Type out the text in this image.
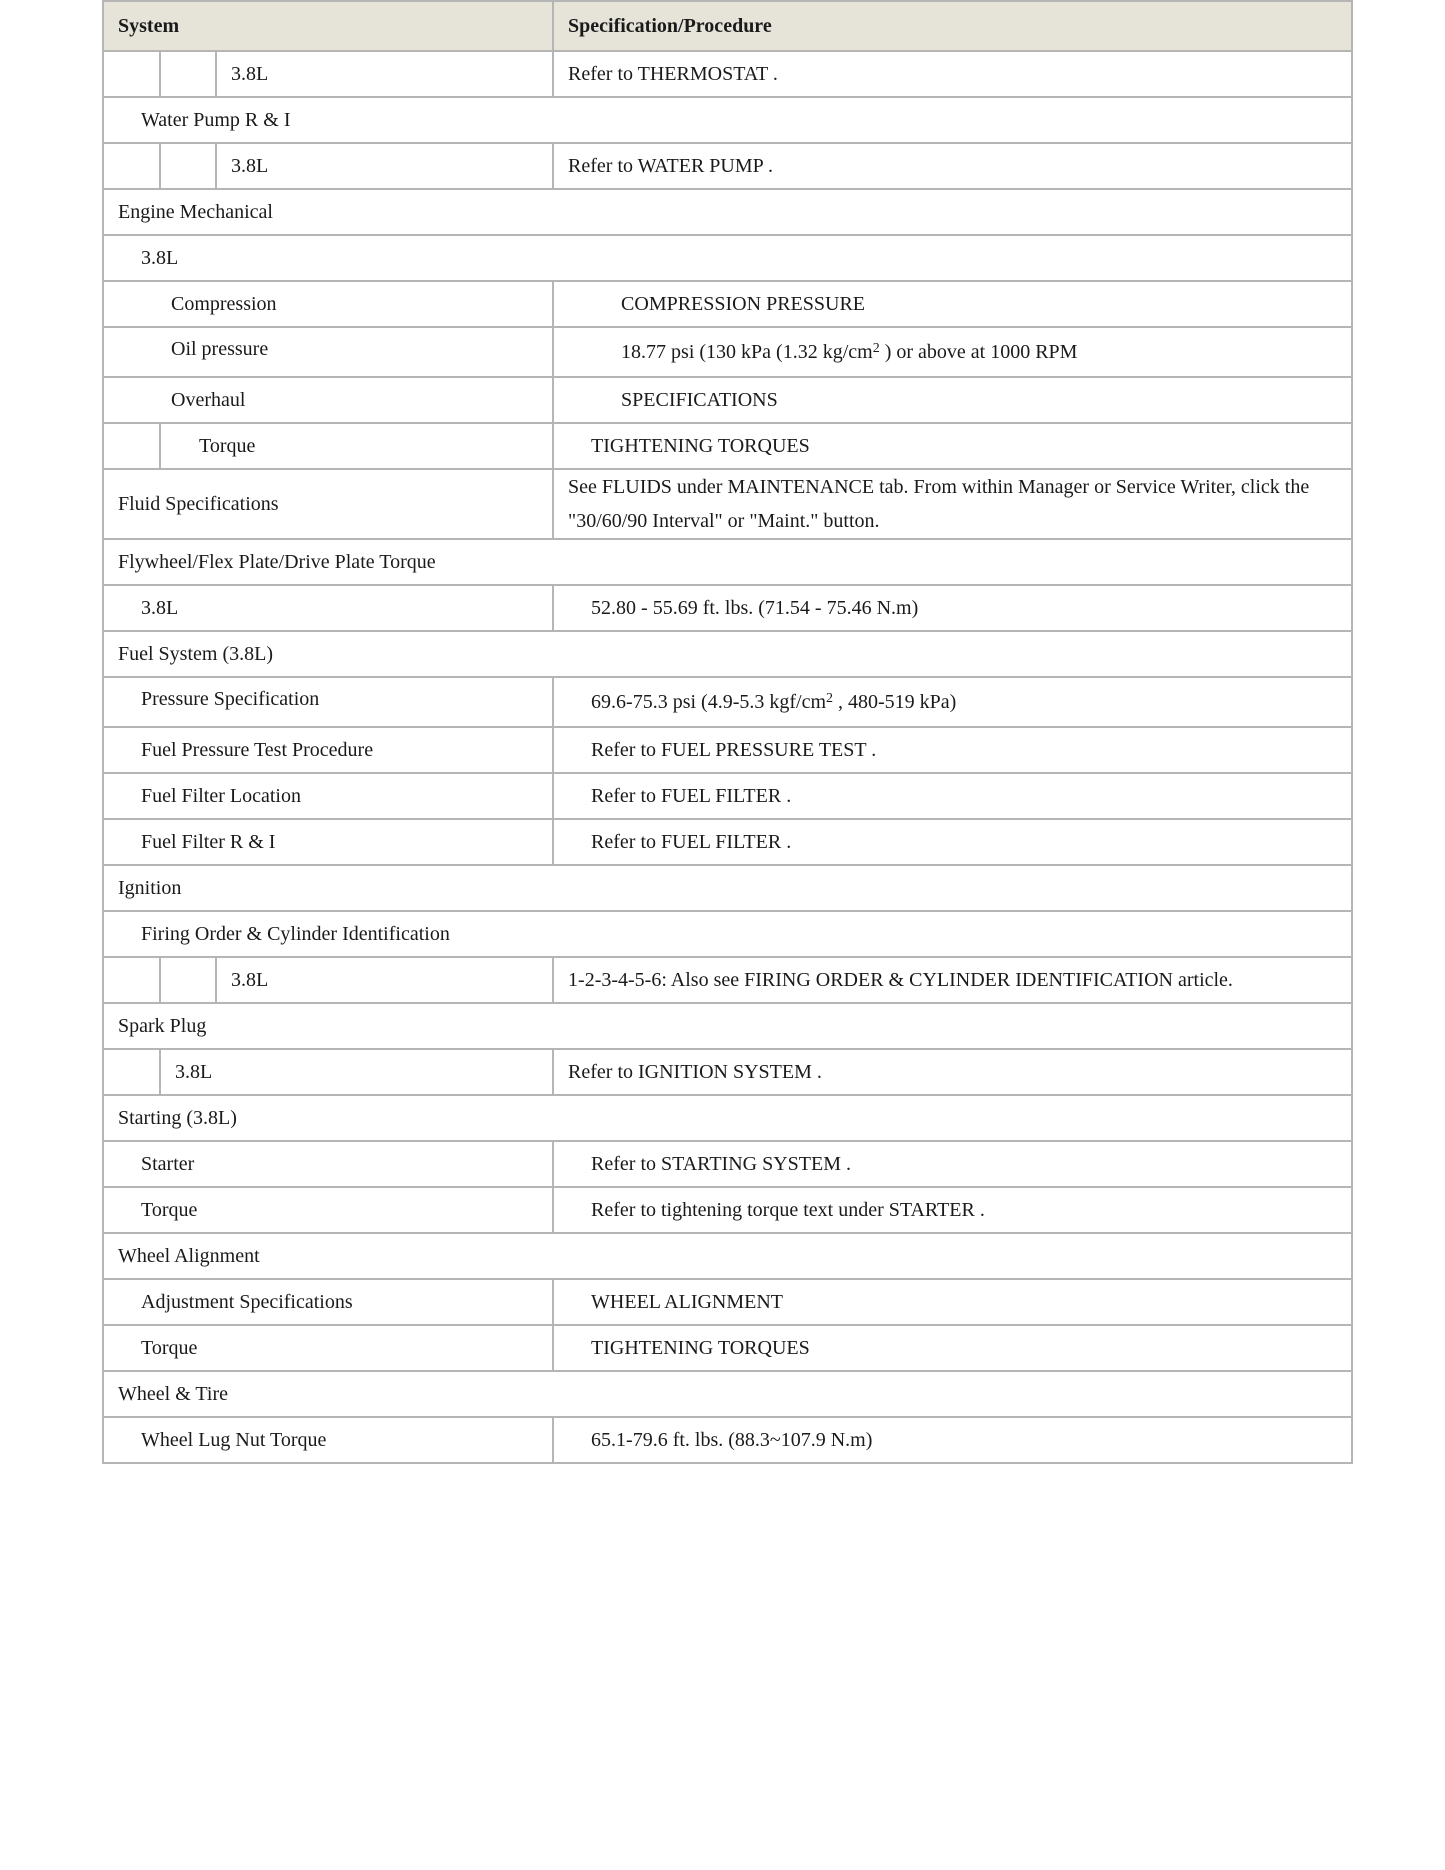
System			Specification/Procedure
		3.8L	Refer to THERMOSTAT .
Water Pump R & I			
		3.8L	Refer to WATER PUMP .
Engine Mechanical			
3.8L			
Compression			COMPRESSION PRESSURE
Oil pressure			18.77 psi (130 kPa (1.32 $kg/cm^2$ ) or above at 1000 RPM
Overhaul			SPECIFICATIONS
	Torque		TIGHTENING TORQUES
Fluid Specifications			See FLUIDS under MAINTENANCE tab. From within Manager or Service Writer, click the "30/60/90 Interval" or "Maint." button.
Flywheel/Flex Plate/Drive Plate Torque			
3.8L			52.80 - 55.69 ft. lbs. (71.54 - 75.46 N.m)
Fuel System (3.8L)			
Pressure Specification			69.6-75.3 psi (4.9-5.3 kgf/$cm^2$ , 480-519 kPa)
Fuel Pressure Test Procedure			Refer to FUEL PRESSURE TEST .
Fuel Filter Location			Refer to FUEL FILTER .
Fuel Filter R & I			Refer to FUEL FILTER .
Ignition			
Firing Order & Cylinder Identification			
		3.8L	1-2-3-4-5-6: Also see FIRING ORDER & CYLINDER IDENTIFICATION article.
Spark Plug			
	3.8L		Refer to IGNITION SYSTEM .
Starting (3.8L)			
Starter			Refer to STARTING SYSTEM .
Torque			Refer to tightening torque text under STARTER .
Wheel Alignment			
Adjustment Specifications			WHEEL ALIGNMENT
Torque			TIGHTENING TORQUES
Wheel & Tire			
Wheel Lug Nut Torque			65.1-79.6 ft. lbs. (88.3~107.9 N.m)
